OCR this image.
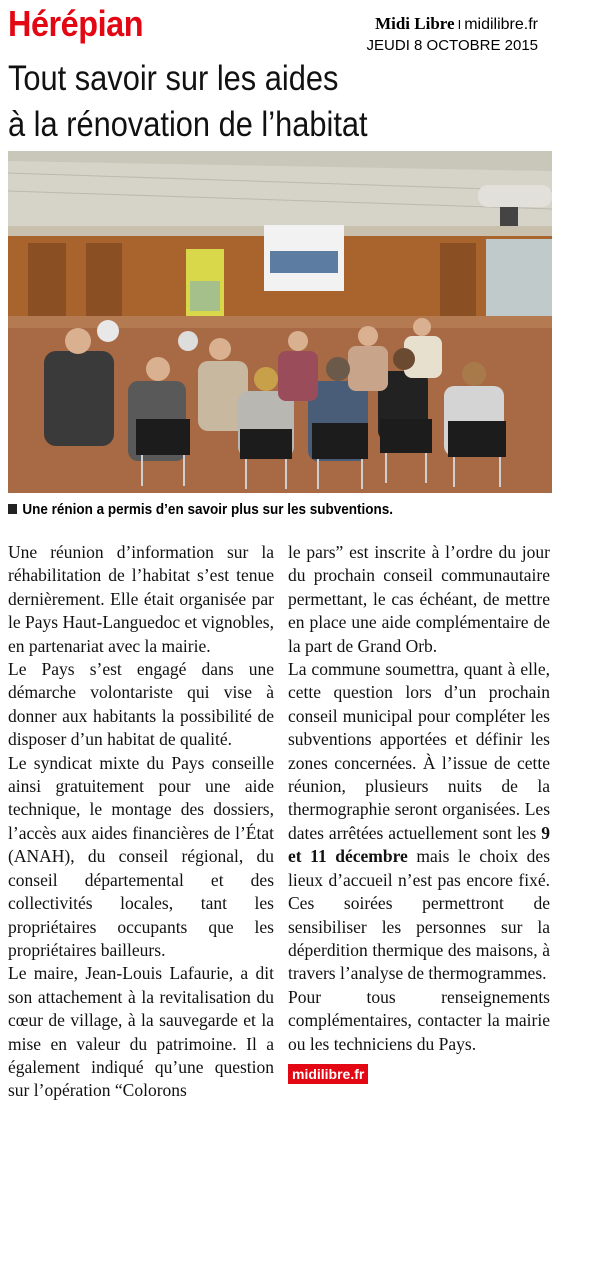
Hérépian	Midi Libre I midilibre.fr
JEUDI 8 OCTOBRE 2015
Tout savoir sur les aides
à la rénovation de l’habitat
Une rénion a permis d’en savoir plus sur les subventions.

Une réunion d’information sur la réhabilitation de l’habitat s’est tenue dernièrement. Elle était organisée par le Pays Haut-Languedoc et vignobles, en partenariat avec la mairie.

Le Pays s’est engagé dans une démarche volontariste qui vise à donner aux habitants la possibilité de disposer d’un habitat de qualité.

Le syndicat mixte du Pays conseille ainsi gratuitement pour une aide technique, le montage des dossiers, l’accès aux aides financières de l’État (ANAH), du conseil régional, du conseil départemental et des collectivités locales, tant les propriétaires occupants que les propriétaires bailleurs.

Le maire, Jean-Louis Lafaurie, a dit son attachement à la revitalisation du cœur de village, à la sauvegarde et la mise en valeur du patrimoine. Il a également indiqué qu’une question sur l’opération “Colorons

le pars” est inscrite à l’ordre du jour du prochain conseil communautaire permettant, le cas échéant, de mettre en place une aide complémentaire de la part de Grand Orb.

La commune soumettra, quant à elle, cette question lors d’un prochain conseil municipal pour compléter les subventions apportées et définir les zones concernées. À l’issue de cette réunion, plusieurs nuits de la thermographie seront organisées. Les dates arrêtées actuellement sont les 9 et 11 décembre mais le choix des lieux d’accueil n’est pas encore fixé. Ces soirées permettront de sensibiliser les personnes sur la déperdition thermique des maisons, à travers l’analyse de thermogrammes.

Pour tous renseignements complémentaires, contacter la mairie ou les techniciens du Pays.

midilibre.fr
